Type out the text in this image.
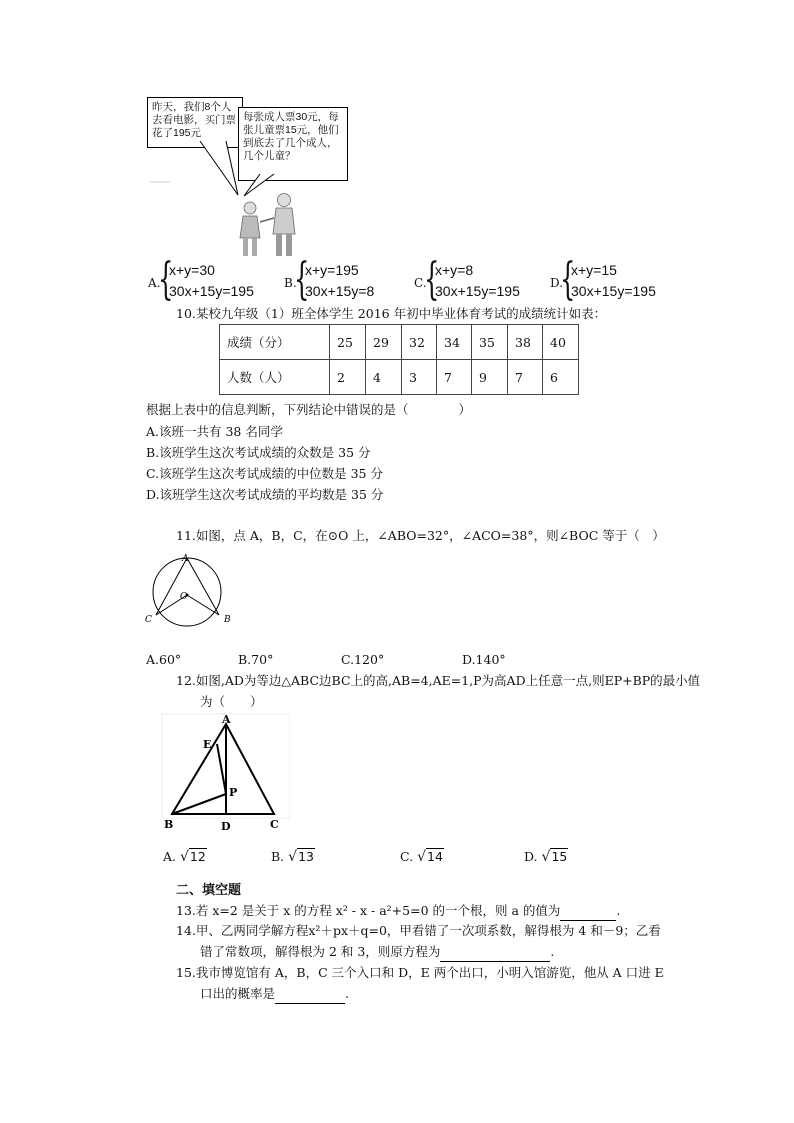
昨天，我们8个人去看电影，买门票花了195元
每张成人票30元，每张儿童票15元，他们到底去了几个成人，几个儿童？
A.
{
x+y=30
30x+15y=195	B.
{
x+y=195
30x+15y=8	C.
{
x+y=8
30x+15y=195	D.
{
x+y=15
30x+15y=195
10.某校九年级（1）班全体学生 2016 年初中毕业体育考试的成绩统计如表：
成绩（分）	25	29	32	34	35	38	40
人数（人）	2	4	3	7	9	7	6
根据上表中的信息判断，下列结论中错误的是（　　　　）
A.该班一共有 38 名同学
B.该班学生这次考试成绩的众数是 35 分
C.该班学生这次考试成绩的中位数是 35 分
D.该班学生这次考试成绩的平均数是 35 分
11.如图，点 A，B，C，在⊙O 上，∠ABO=32°，∠ACO=38°，则∠BOC 等于（　）
A
O
B
C
A.60°	B.70°	C.120°	D.140°
12.如图,AD为等边△ABC边BC上的高,AB=4,AE=1,P为高AD上任意一点,则EP+BP的最小值
为（　　）
A
E
P
B	D	C
A. √12	B. √13	C. √14	D. √15
二、填空题
13.若 x=2 是关于 x 的方程 x² - x - a²+5=0 的一个根，则 a 的值为	.
14.甲、乙两同学解方程x²＋px＋q=0，甲看错了一次项系数，解得根为 4 和－9；乙看
错了常数项，解得根为 2 和 3，则原方程为	.
15.我市博览馆有 A，B，C 三个入口和 D，E 两个出口，小明入馆游览，他从 A 口进 E
口出的概率是	.
